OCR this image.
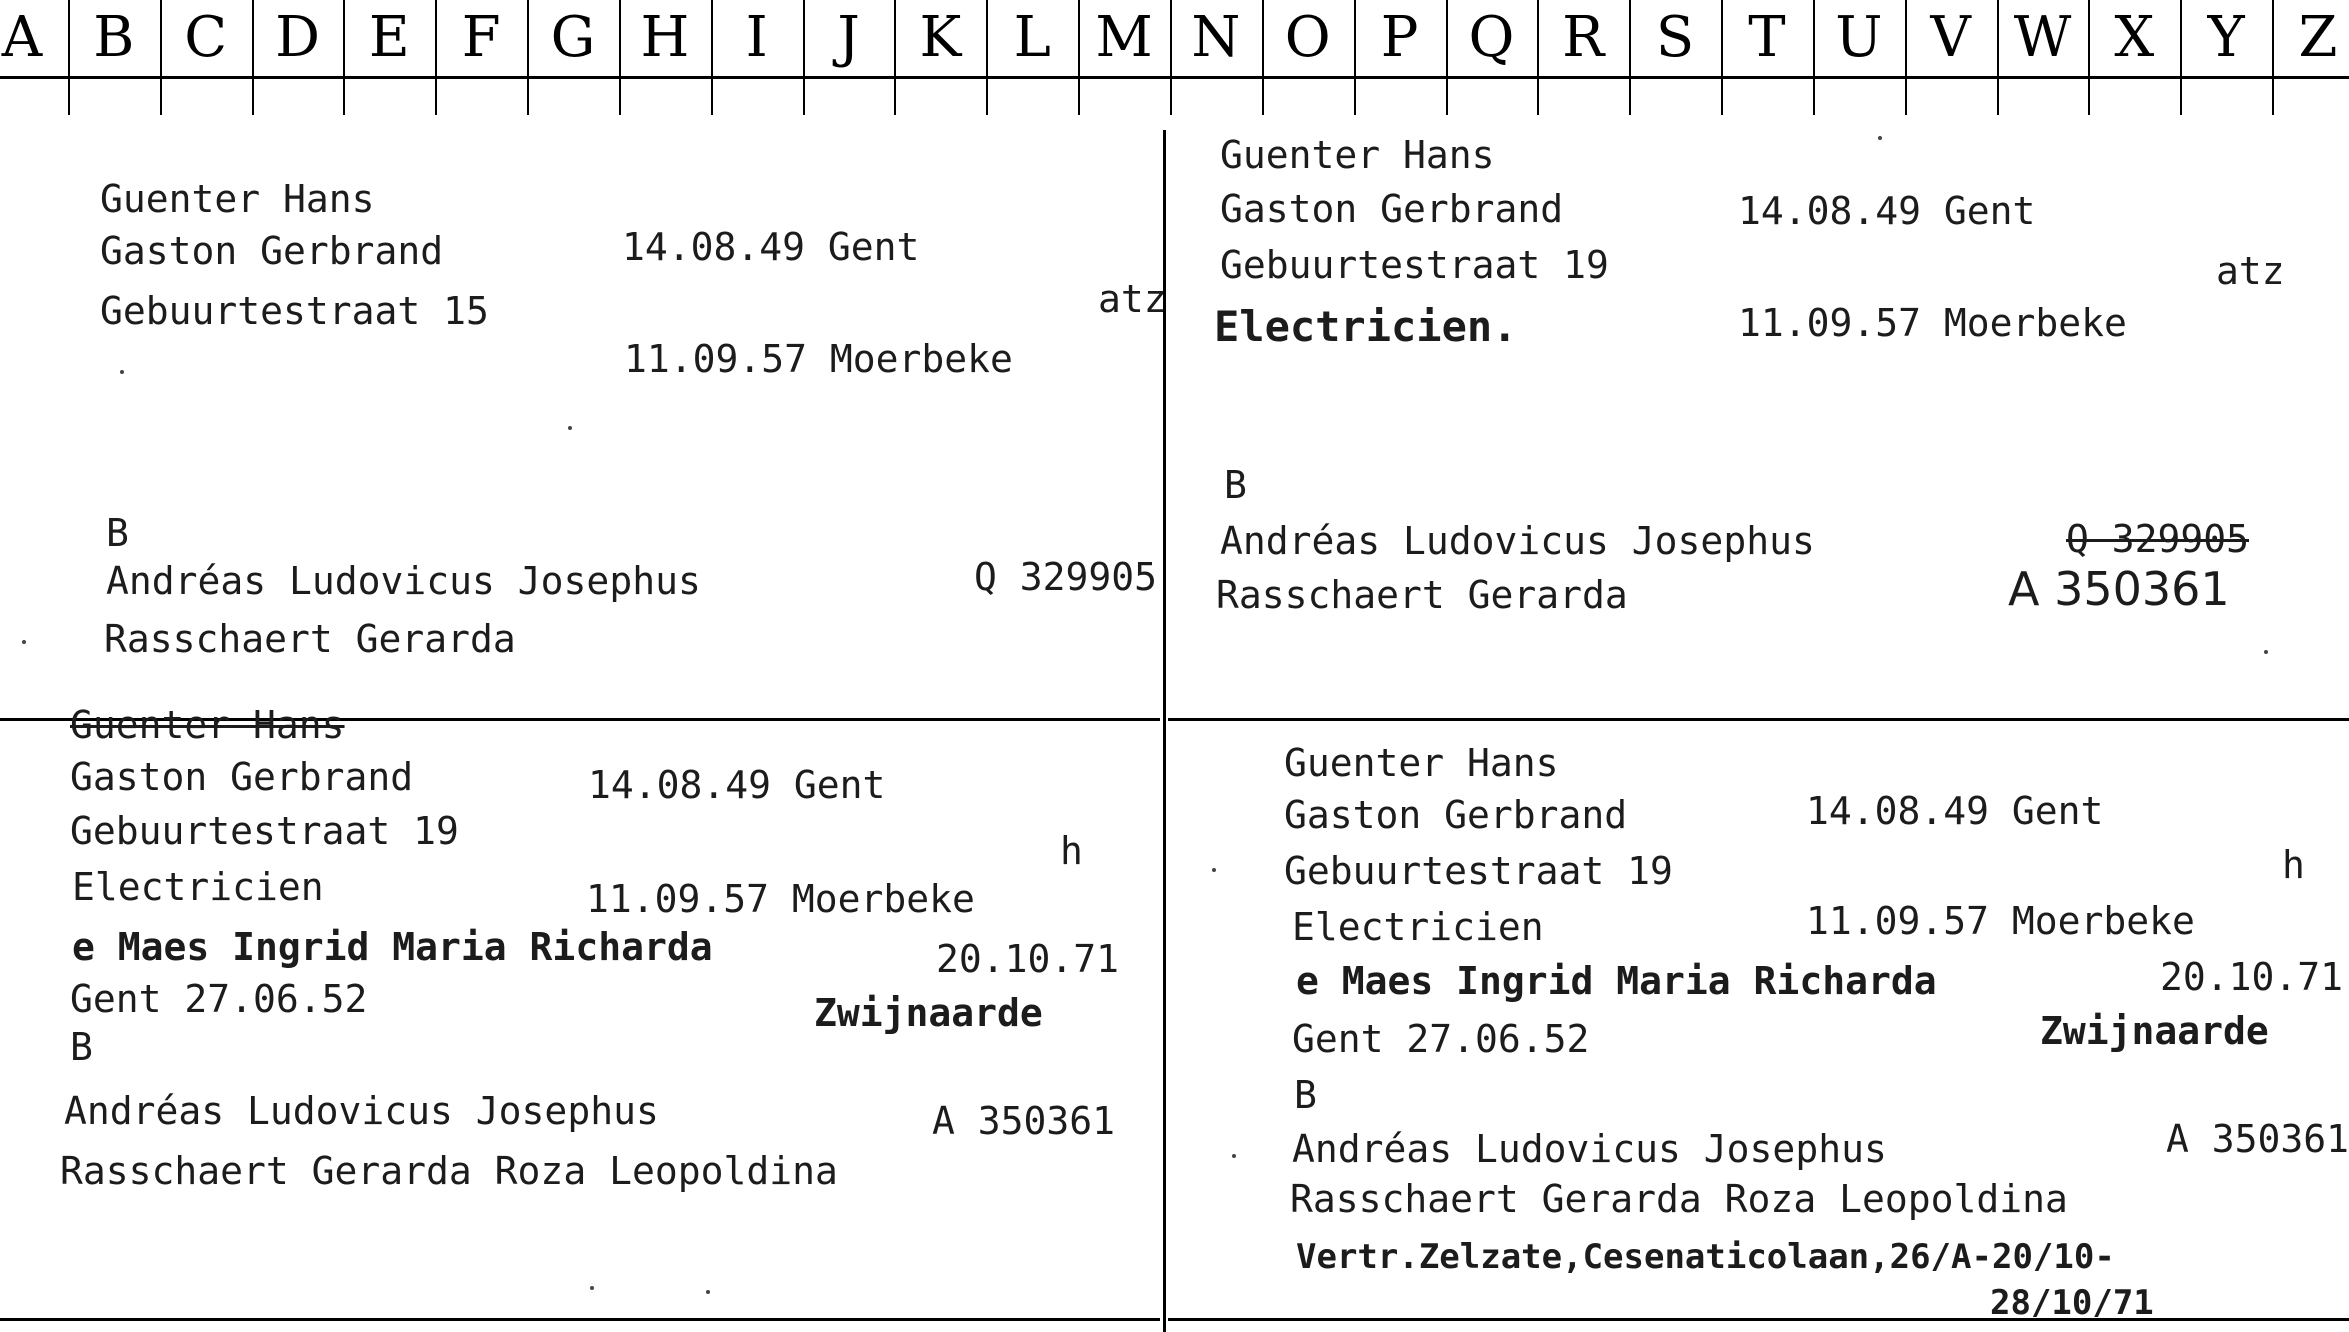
A B C D E F G H I J K L M N O P Q R S T U V W X Y Z
Guenter Hans
Gaston Gerbrand	14.08.49 Gent
Gebuurtestraat 15	atz
11.09.57 Moerbeke
B
Andréas Ludovicus Josephus	Q 329905
Rasschaert Gerarda
Guenter Hans
Gaston Gerbrand	14.08.49 Gent
Gebuurtestraat 19	atz
Electricien.	11.09.57 Moerbeke
B
Andréas Ludovicus Josephus	Q 329905
Rasschaert Gerarda	A 350361
Guenter Hans
Gaston Gerbrand	14.08.49 Gent
Gebuurtestraat 19	h
Electricien	11.09.57 Moerbeke
e Maes Ingrid Maria Richarda	20.10.71
Gent 27.06.52	Zwijnaarde
B
Andréas Ludovicus Josephus	A 350361
Rasschaert Gerarda Roza Leopoldina
Guenter Hans
Gaston Gerbrand	14.08.49 Gent
Gebuurtestraat 19	h
Electricien	11.09.57 Moerbeke
e Maes Ingrid Maria Richarda	20.10.71
Zwijnaarde
Gent 27.06.52
B
Andréas Ludovicus Josephus	A 350361
Rasschaert Gerarda Roza Leopoldina
Vertr.Zelzate,Cesenaticolaan,26/A-20/10-
28/10/71
